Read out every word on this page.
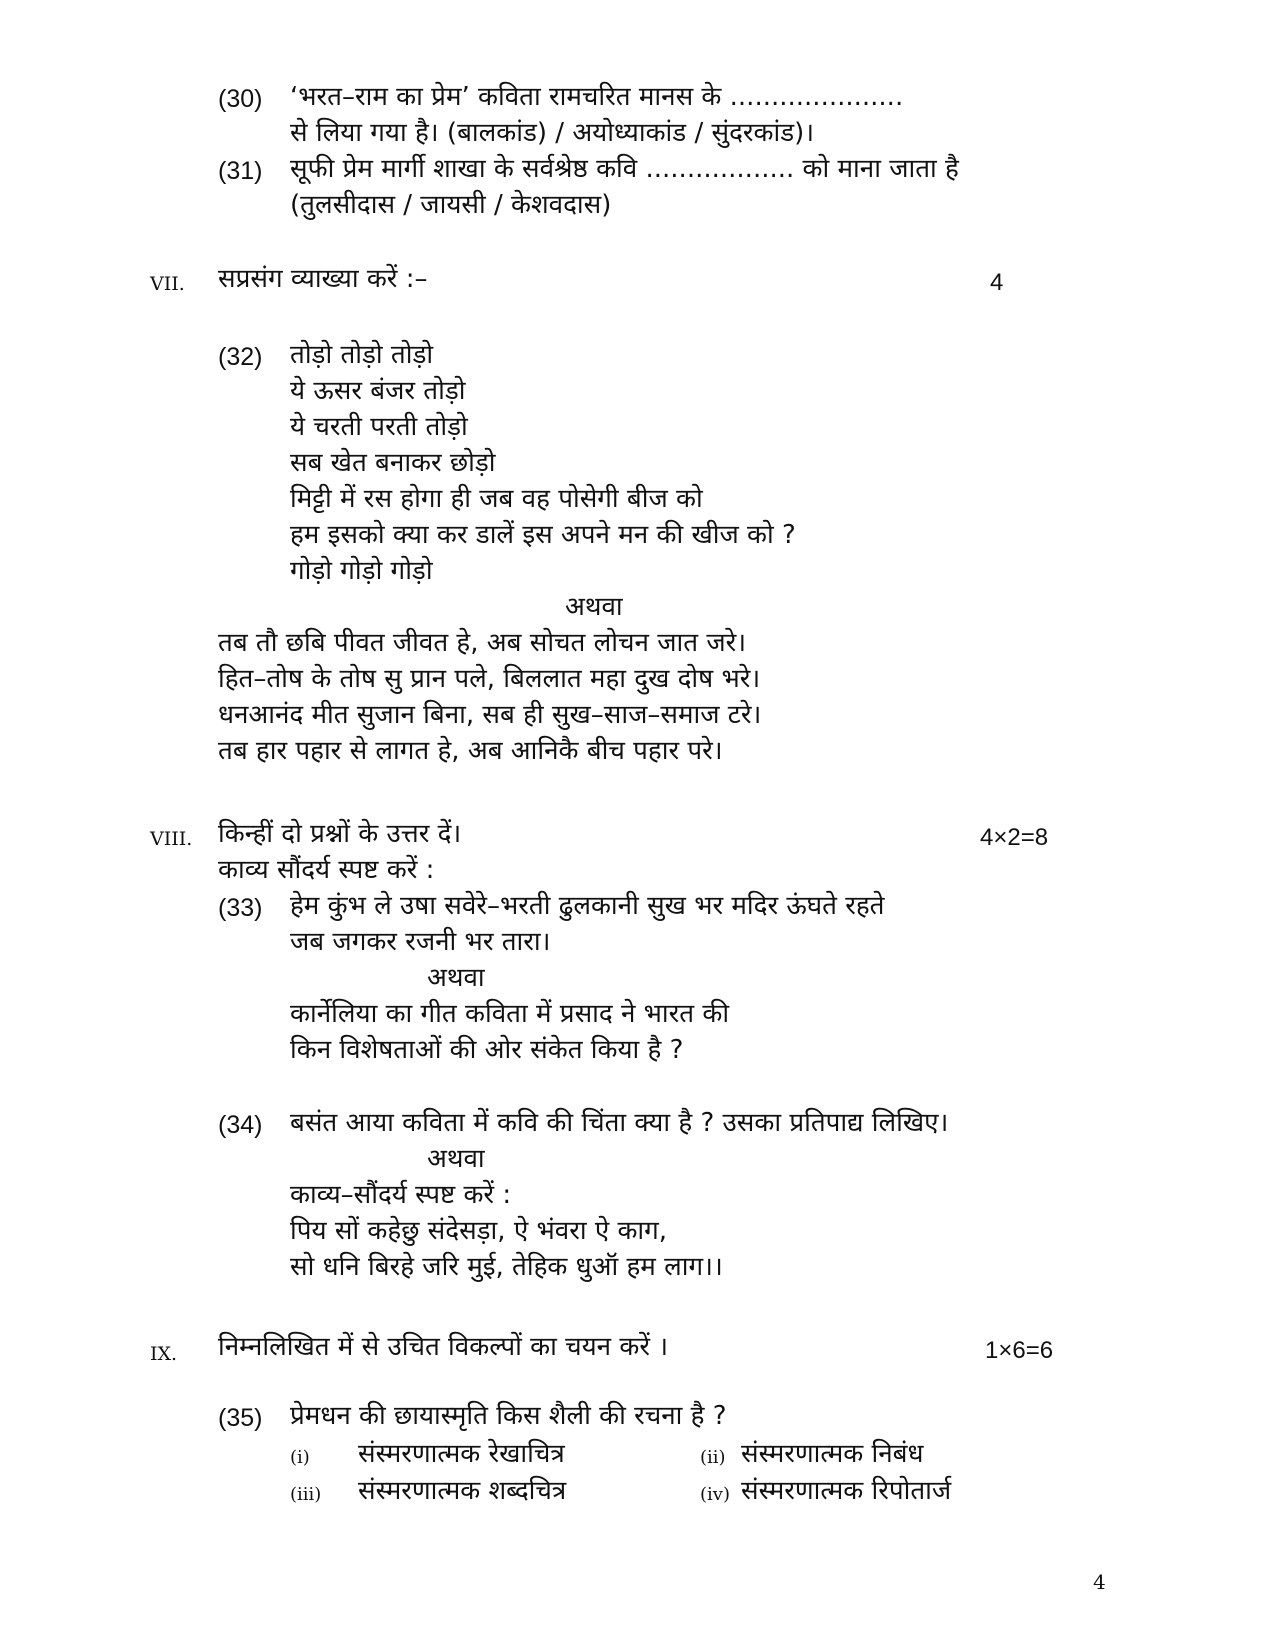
(30) ‘भरत–राम का प्रेम’ कविता रामचरित मानस के .....................
से लिया गया है। (बालकांड) / अयोध्याकांड / सुंदरकांड)।
(31) सूफी प्रेम मार्गी शाखा के सर्वश्रेष्ठ कवि .................. को माना जाता है
(तुलसीदास / जायसी / केशवदास)
VII. सप्रसंग व्याख्या करें :–	4
(32) तोड़ो तोड़ो तोड़ो
ये ऊसर बंजर तोड़ो
ये चरती परती तोड़ो
सब खेत बनाकर छोड़ो
मिट्टी में रस होगा ही जब वह पोसेगी बीज को
हम इसको क्या कर डालें इस अपने मन की खीज को ?
गोड़ो गोड़ो गोड़ो
अथवा
तब तौ छबि पीवत जीवत हे, अब सोचत लोचन जात जरे।
हित–तोष के तोष सु प्रान पले, बिललात महा दुख दोष भरे।
धनआनंद मीत सुजान बिना, सब ही सुख–साज–समाज टरे।
तब हार पहार से लागत हे, अब आनिकै बीच पहार परे।
VIII. किन्हीं दो प्रश्नों के उत्तर दें।	4×2=8
काव्य सौंदर्य स्पष्ट करें :
(33) हेम कुंभ ले उषा सवेरे–भरती ढुलकानी सुख भर मदिर ऊंघते रहते
जब जगकर रजनी भर तारा।
अथवा
कार्नेलिया का गीत कविता में प्रसाद ने भारत की
किन विशेषताओं की ओर संकेत किया है ?
(34) बसंत आया कविता में कवि की चिंता क्या है ? उसका प्रतिपाद्य लिखिए।
अथवा
काव्य–सौंदर्य स्पष्ट करें :
पिय सों कहेछु संदेसड़ा, ऐ भंवरा ऐ काग,
सो धनि बिरहे जरि मुई, तेहिक धुऑ हम लाग।।
IX. निम्नलिखित में से उचित विकल्पों का चयन करें ।	1×6=6
(35) प्रेमधन की छायास्मृति किस शैली की रचना है ?
(i) संस्मरणात्मक रेखाचित्र	(ii) संस्मरणात्मक निबंध
(iii) संस्मरणात्मक शब्दचित्र	(iv) संस्मरणात्मक रिपोतार्ज
4
